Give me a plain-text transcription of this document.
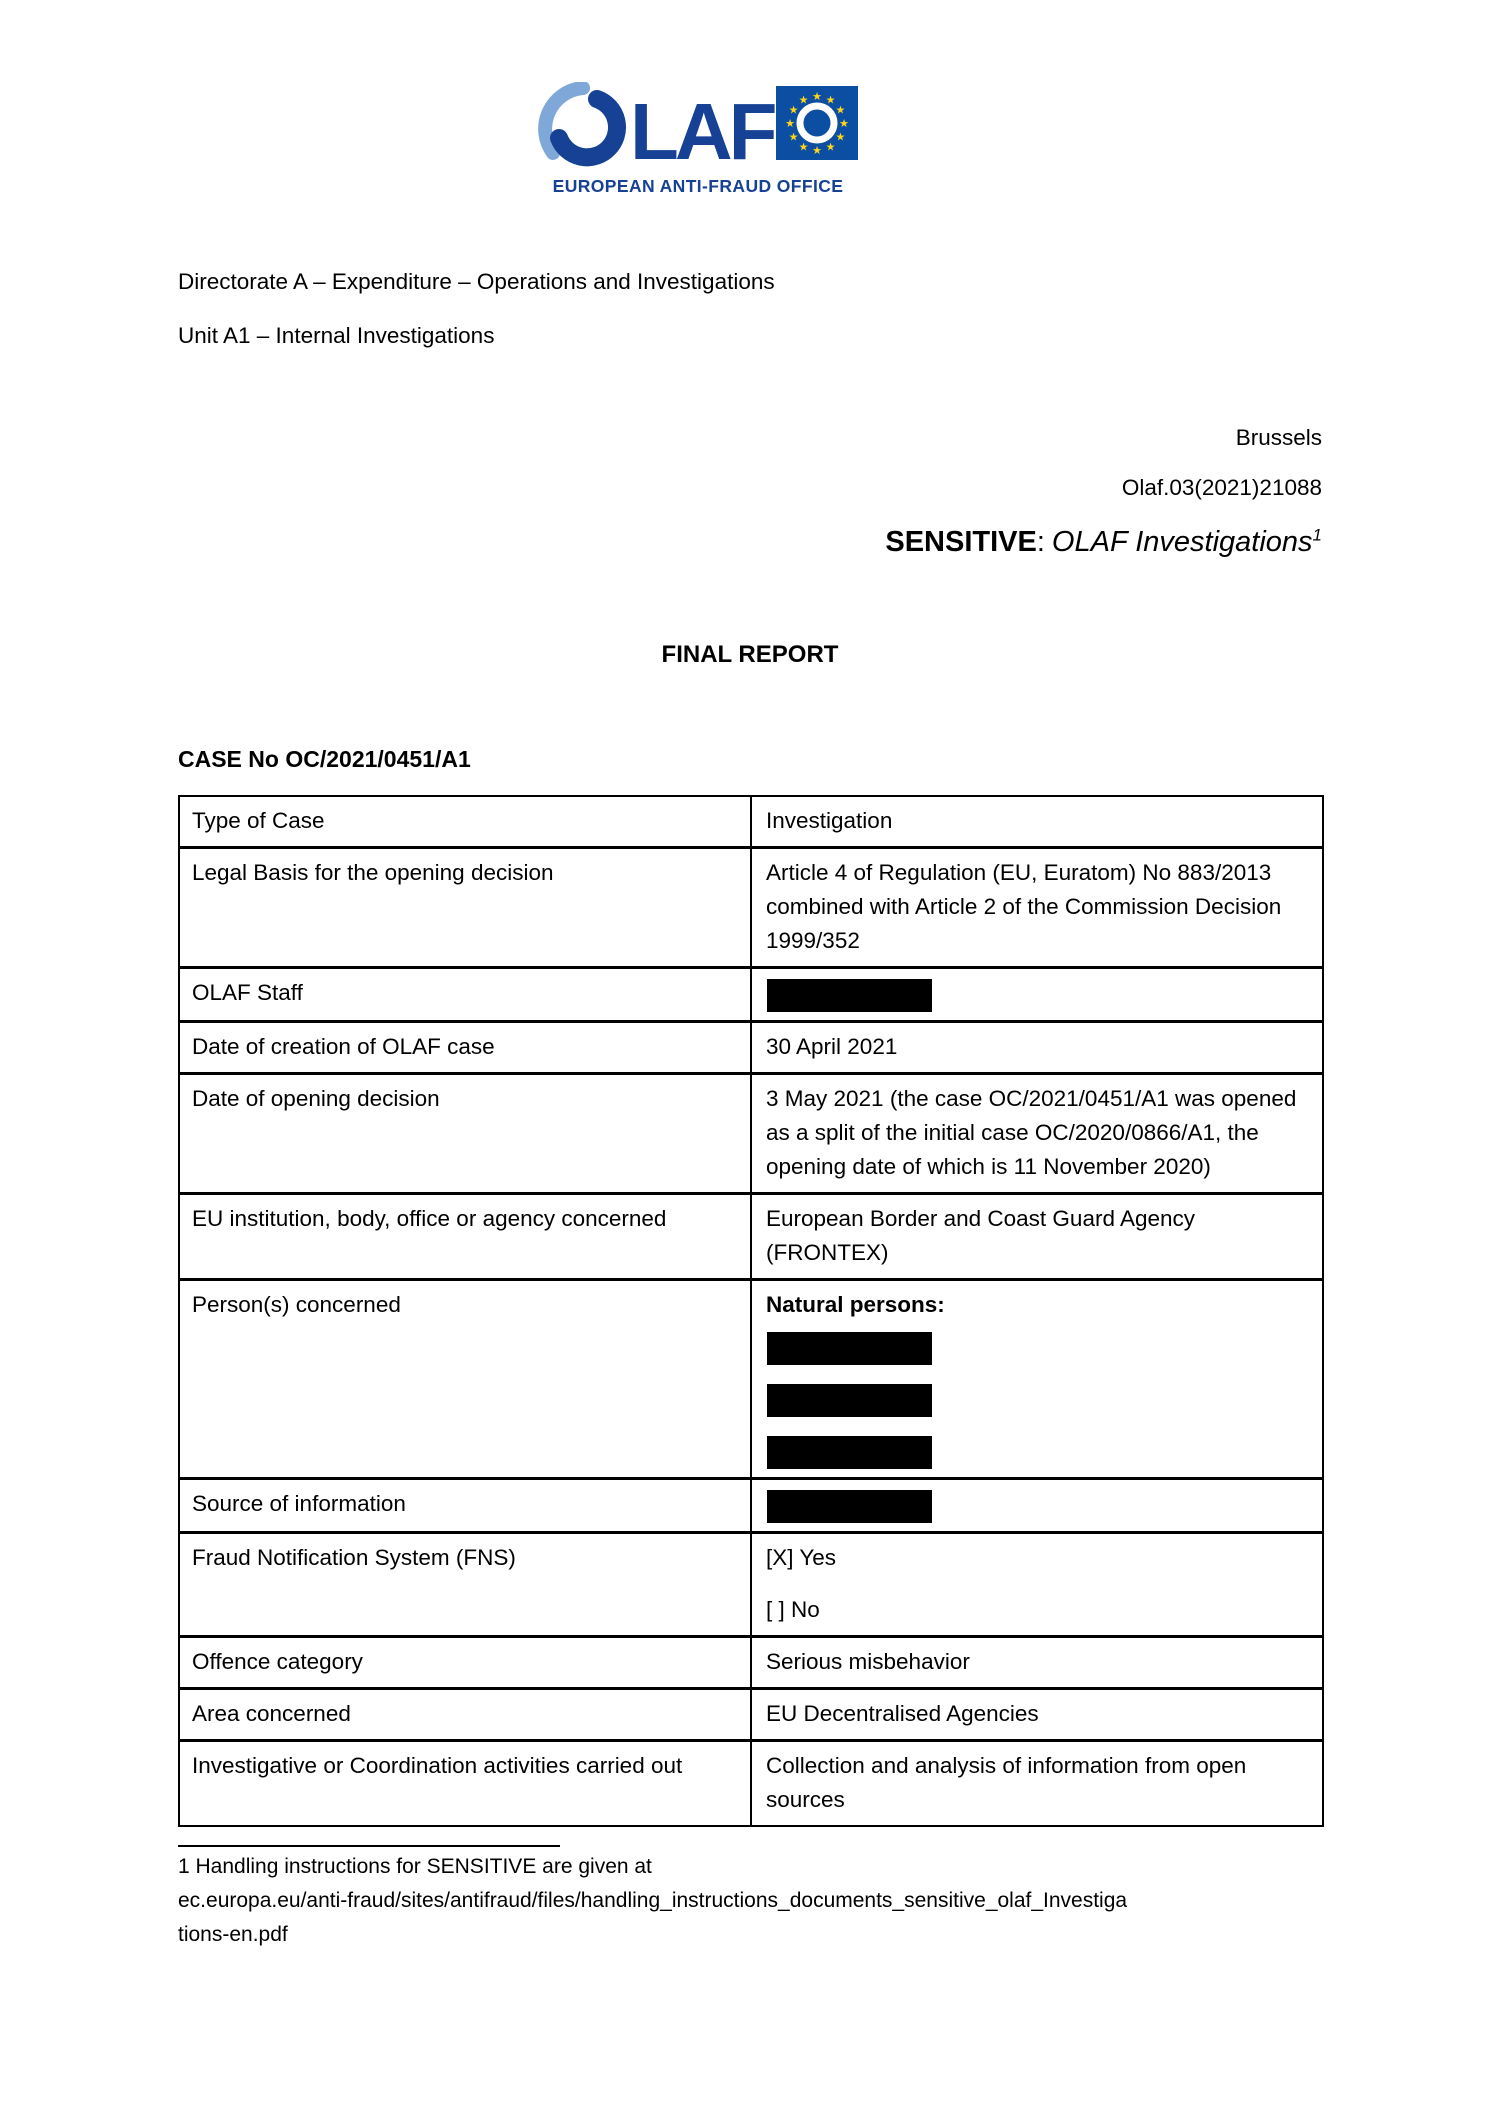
LAF	★ ★
★
★
★
★
★
★
★
★
★
★
EUROPEAN ANTI-FRAUD OFFICE
Directorate A – Expenditure – Operations and Investigations
Unit A1 – Internal Investigations
Brussels
Olaf.03(2021)21088
SENSITIVE: OLAF Investigations$^1$
FINAL REPORT
CASE No OC/2021/0451/A1
Type of Case	Investigation

Legal Basis for the opening decision	Article 4 of Regulation (EU, Euratom) No 883/2013 combined with Article 2 of the Commission Decision 1999/352

OLAF Staff	

Date of creation of OLAF case	30 April 2021

Date of opening decision	3 May 2021 (the case OC/2021/0451/A1 was opened as a split of the initial case OC/2020/0866/A1, the opening date of which is 11 November 2020)

EU institution, body, office or agency concerned	European Border and Coast Guard Agency (FRONTEX)

Person(s) concerned	Natural persons:

Source of information	

Fraud Notification System (FNS)	[X] Yes

[ ] No

Offence category	Serious misbehavior

Area concerned	EU Decentralised Agencies

Investigative or Coordination activities carried out	Collection and analysis of information from open sources
1 Handling instructions for SENSITIVE are given at
ec.europa.eu/anti-fraud/sites/antifraud/files/handling_instructions_documents_sensitive_olaf_Investiga
tions-en.pdf
